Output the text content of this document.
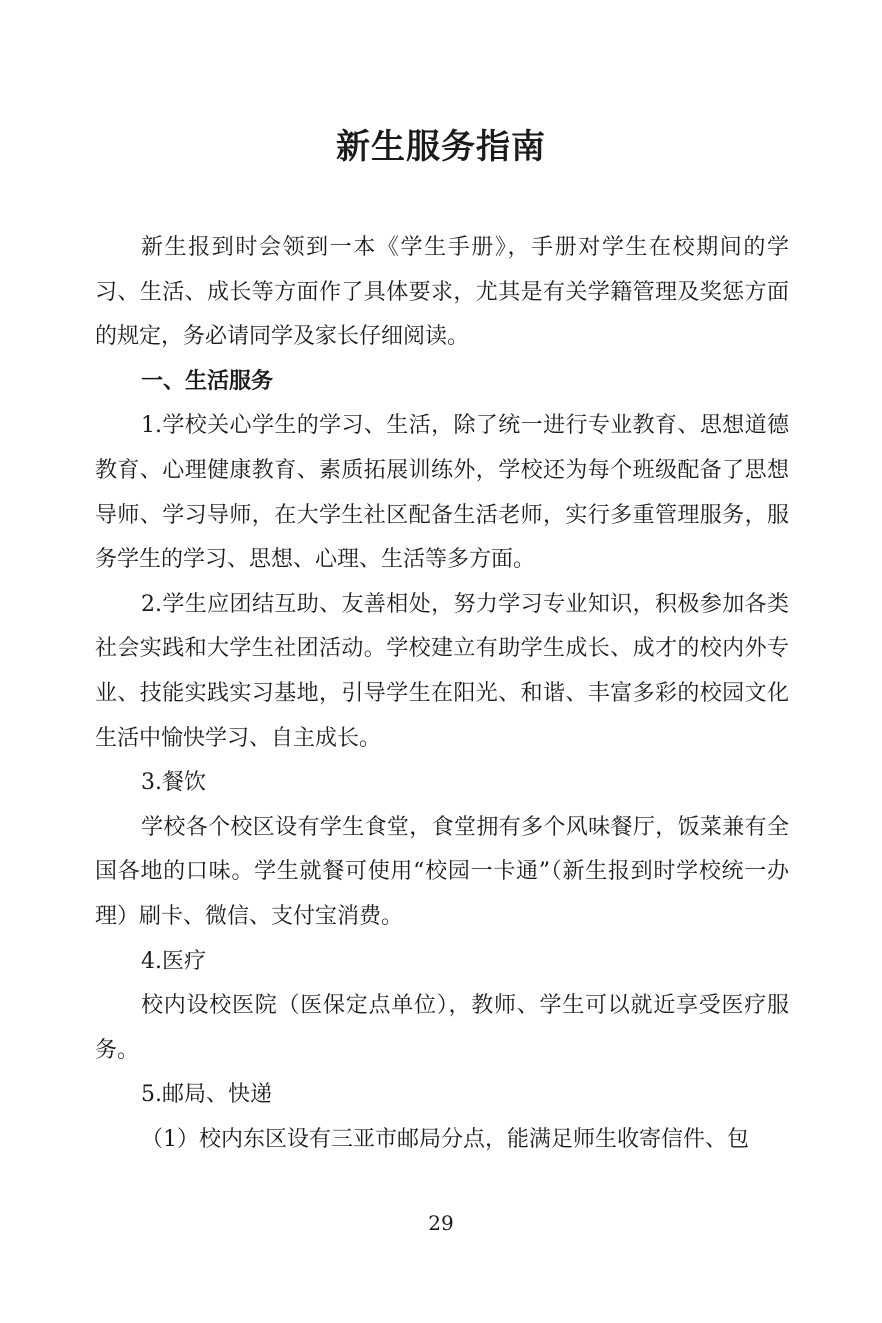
新生服务指南

新生报到时会领到一本《学生手册》，手册对学生在校期间的学习、生活、成长等方面作了具体要求，尤其是有关学籍管理及奖惩方面的规定，务必请同学及家长仔细阅读。

一、生活服务

1.学校关心学生的学习、生活，除了统一进行专业教育、思想道德教育、心理健康教育、素质拓展训练外，学校还为每个班级配备了思想导师、学习导师，在大学生社区配备生活老师，实行多重管理服务，服务学生的学习、思想、心理、生活等多方面。

2.学生应团结互助、友善相处，努力学习专业知识，积极参加各类社会实践和大学生社团活动。学校建立有助学生成长、成才的校内外专业、技能实践实习基地，引导学生在阳光、和谐、丰富多彩的校园文化生活中愉快学习、自主成长。

3.餐饮

学校各个校区设有学生食堂，食堂拥有多个风味餐厅，饭菜兼有全国各地的口味。学生就餐可使用“校园一卡通”（新生报到时学校统一办理）刷卡、微信、支付宝消费。

4.医疗

校内设校医院（医保定点单位），教师、学生可以就近享受医疗服务。

5.邮局、快递

（1）校内东区设有三亚市邮局分点，能满足师生收寄信件、包

29
